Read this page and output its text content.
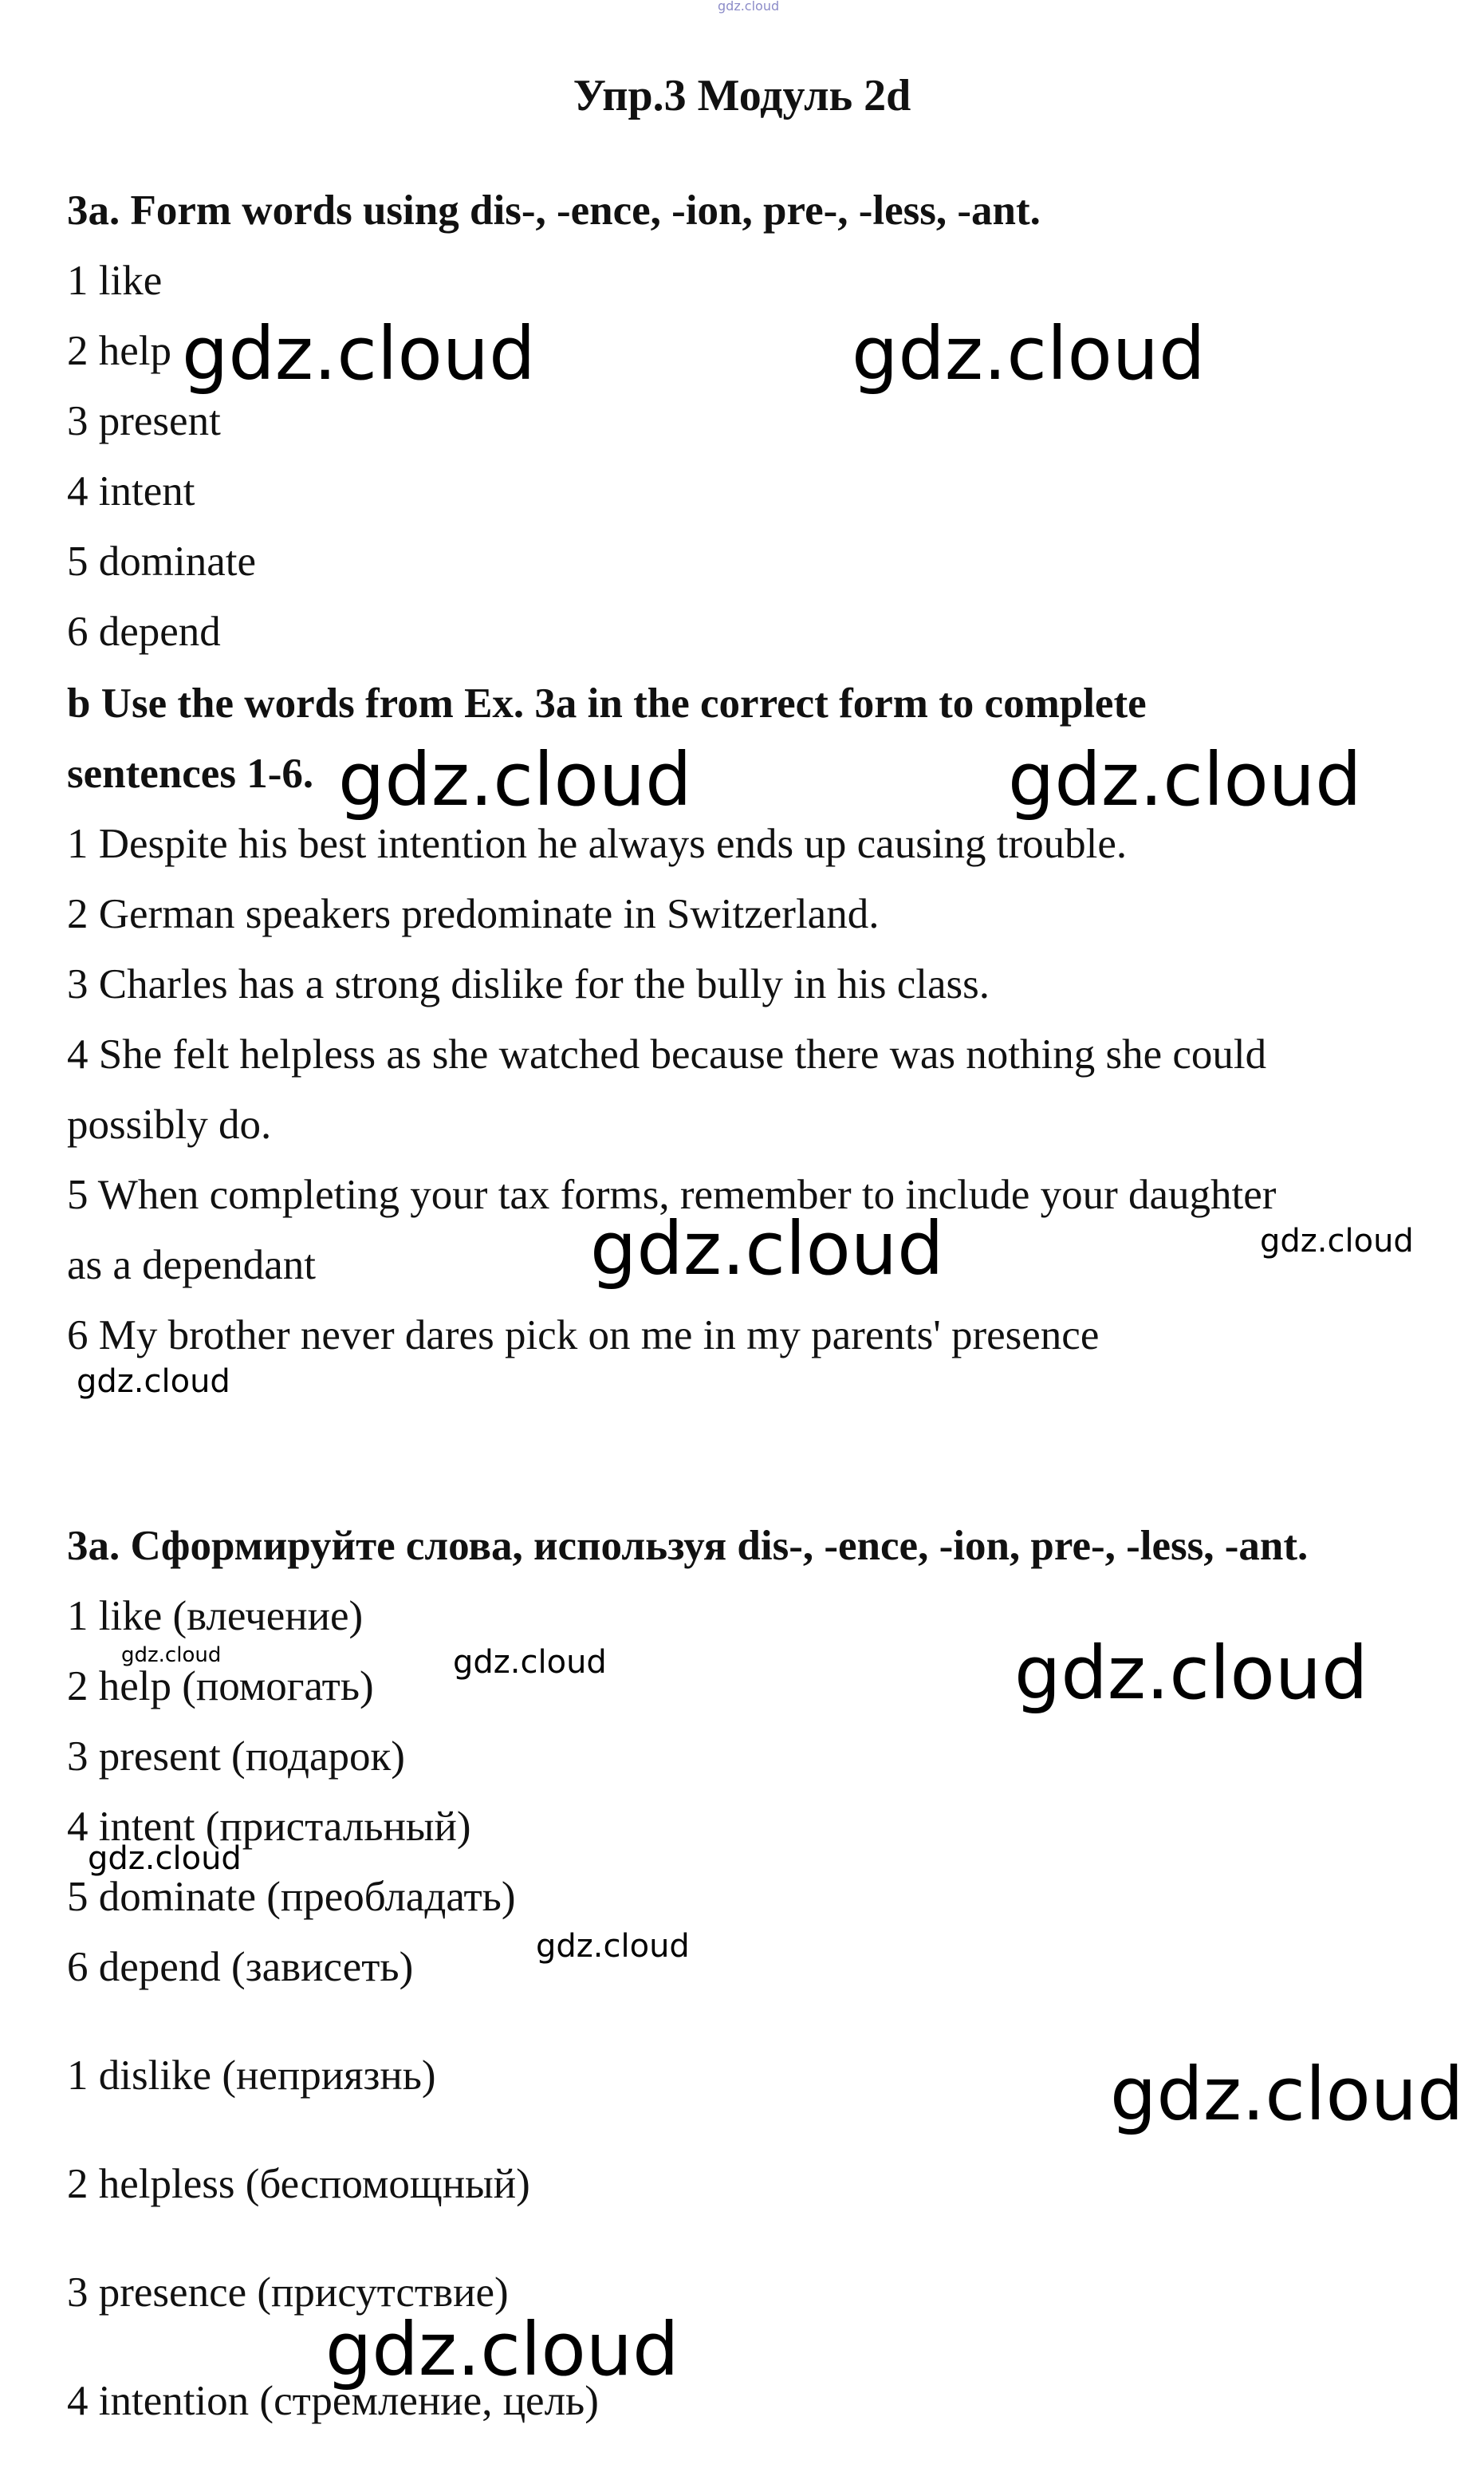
gdz.cloud
Упр.3 Модуль 2d

3a. Form words using dis-, -ence, -ion, pre-, -less, -ant.

1 like

2 help

3 present

4 intent

5 dominate

6 depend

b Use the words from Ex. 3a in the correct form to complete

sentences 1-6.

1 Despite his best intention he always ends up causing trouble.

2 German speakers predominate in Switzerland.

3 Charles has a strong dislike for the bully in his class.

4 She felt helpless as she watched because there was nothing she could

possibly do.

5 When completing your tax forms, remember to include your daughter

as a dependant

6 My brother never dares pick on me in my parents' presence

3a. Сформируйте слова, используя dis-, -ence, -ion, pre-, -less, -ant.

1 like (влечение)

2 help (помогать)

3 present (подарок)

4 intent (пристальный)

5 dominate (преобладать)

6 depend (зависеть)

1 dislike (неприязнь)

2 helpless (беспомощный)

3 presence (присутствие)

4 intention (стремление, цель)

gdz.cloud	gdz.cloud
gdz.cloud	gdz.cloud
gdz.cloud	gdz.cloud
gdz.cloud
gdz.cloud	gdz.cloud	gdz.cloud
gdz.cloud
gdz.cloud
gdz.cloud
gdz.cloud
